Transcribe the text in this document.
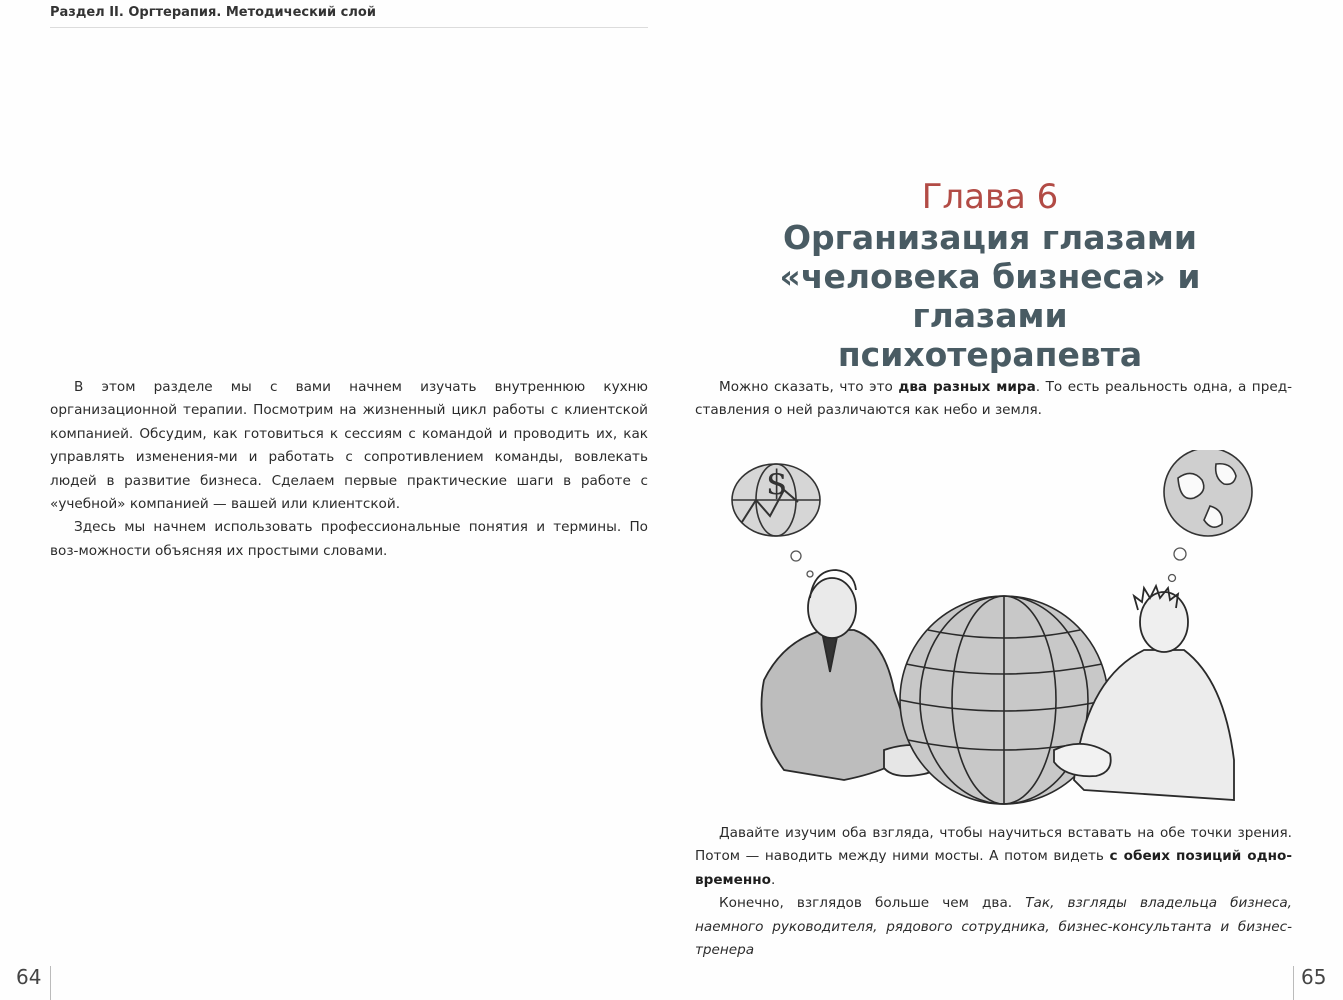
Раздел II. Оргтерапия. Методический слой

В этом разделе мы с вами начнем изучать внутреннюю кухню организационной терапии. Посмотрим на жизненный цикл работы с клиентской компанией. Обсудим, как готовиться к сессиям с командой и проводить их, как управлять изменения-ми и работать с сопротивлением команды, вовлекать людей в развитие бизнеса. Сделаем первые практические шаги в работе с «учебной» компанией — вашей или клиентской.

Здесь мы начнем использовать профессиональные понятия и термины. По воз-можности объясняя их простыми словами.

Глава 6
Организация глазами
«человека бизнеса» и глазами
психотерапевта

Можно сказать, что это два разных мира. То есть реальность одна, а пред-ставления о ней различаются как небо и земля.

$

Давайте изучим оба взгляда, чтобы научиться вставать на обе точки зрения. Потом — наводить между ними мосты. А потом видеть с обеих позиций одно-временно.

Конечно, взглядов больше чем два. Так, взгляды владельца бизнеса, наемного руководителя, рядового сотрудника, бизнес-консультанта и бизнес-тренера

64	65
